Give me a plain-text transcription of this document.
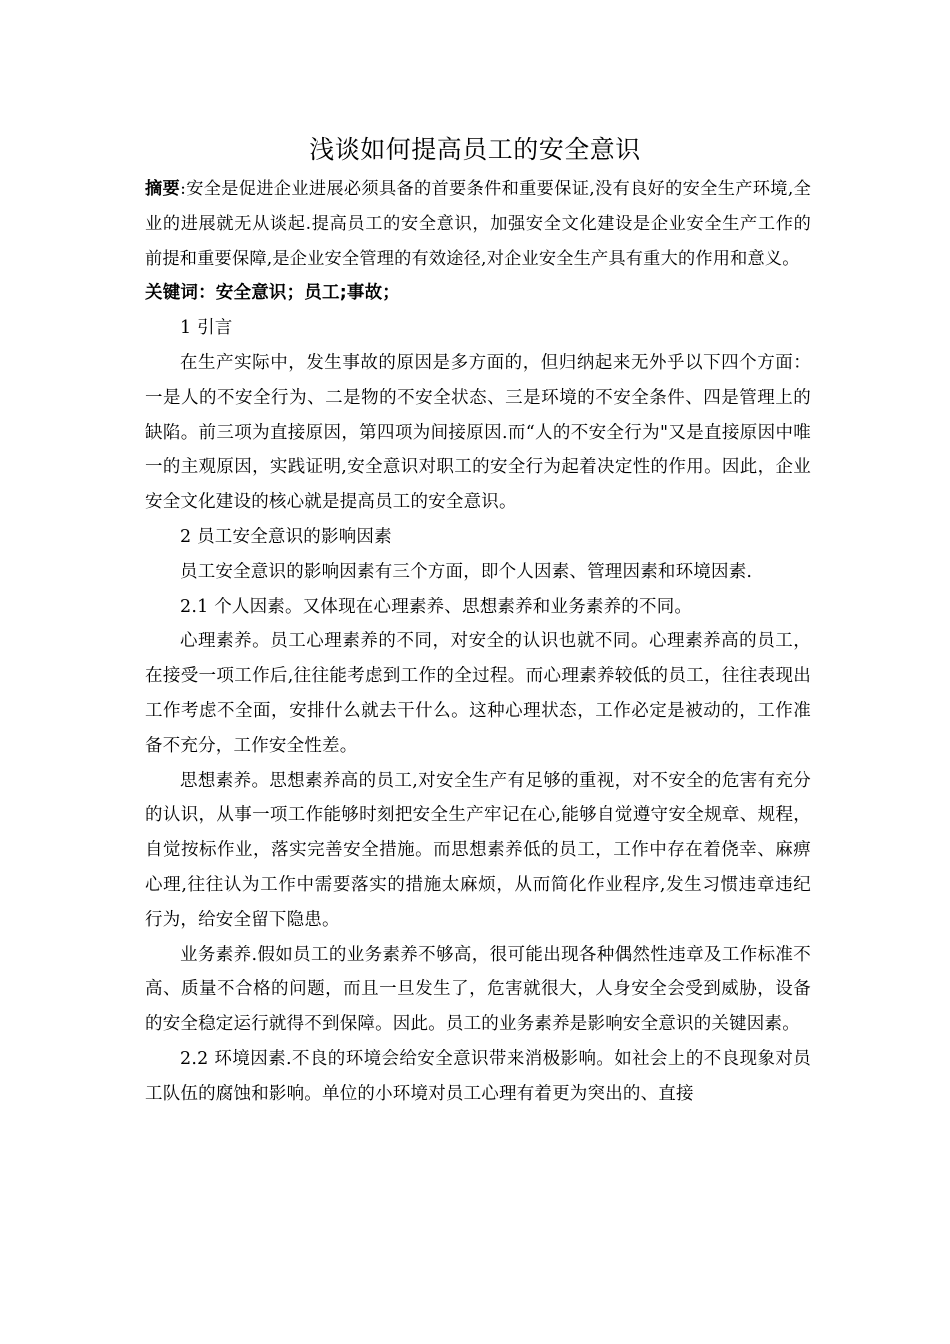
浅谈如何提高员工的安全意识

摘要:安全是促进企业进展必须具备的首要条件和重要保证,没有良好的安全生产环境,全业的进展就无从谈起.提高员工的安全意识，加强安全文化建设是企业安全生产工作的前提和重要保障,是企业安全管理的有效途径,对企业安全生产具有重大的作用和意义。

关键词：安全意识；员工;事故；

1 引言

在生产实际中，发生事故的原因是多方面的，但归纳起来无外乎以下四个方面：一是人的不安全行为、二是物的不安全状态、三是环境的不安全条件、四是管理上的缺陷。前三项为直接原因，第四项为间接原因.而“人的不安全行为"又是直接原因中唯一的主观原因，实践证明,安全意识对职工的安全行为起着决定性的作用。因此，企业安全文化建设的核心就是提高员工的安全意识。

2 员工安全意识的影响因素

员工安全意识的影响因素有三个方面，即个人因素、管理因素和环境因素.

2.1 个人因素。又体现在心理素养、思想素养和业务素养的不同。

心理素养。员工心理素养的不同，对安全的认识也就不同。心理素养高的员工，在接受一项工作后,往往能考虑到工作的全过程。而心理素养较低的员工，往往表现出工作考虑不全面，安排什么就去干什么。这种心理状态，工作必定是被动的，工作准备不充分，工作安全性差。

思想素养。思想素养高的员工,对安全生产有足够的重视，对不安全的危害有充分的认识，从事一项工作能够时刻把安全生产牢记在心,能够自觉遵守安全规章、规程，自觉按标作业，落实完善安全措施。而思想素养低的员工，工作中存在着侥幸、麻痹心理,往往认为工作中需要落实的措施太麻烦，从而简化作业程序,发生习惯违章违纪行为，给安全留下隐患。

业务素养.假如员工的业务素养不够高，很可能出现各种偶然性违章及工作标准不高、质量不合格的问题，而且一旦发生了，危害就很大，人身安全会受到威胁，设备的安全稳定运行就得不到保障。因此。员工的业务素养是影响安全意识的关键因素。

2.2 环境因素.不良的环境会给安全意识带来消极影响。如社会上的不良现象对员工队伍的腐蚀和影响。单位的小环境对员工心理有着更为突出的、直接
